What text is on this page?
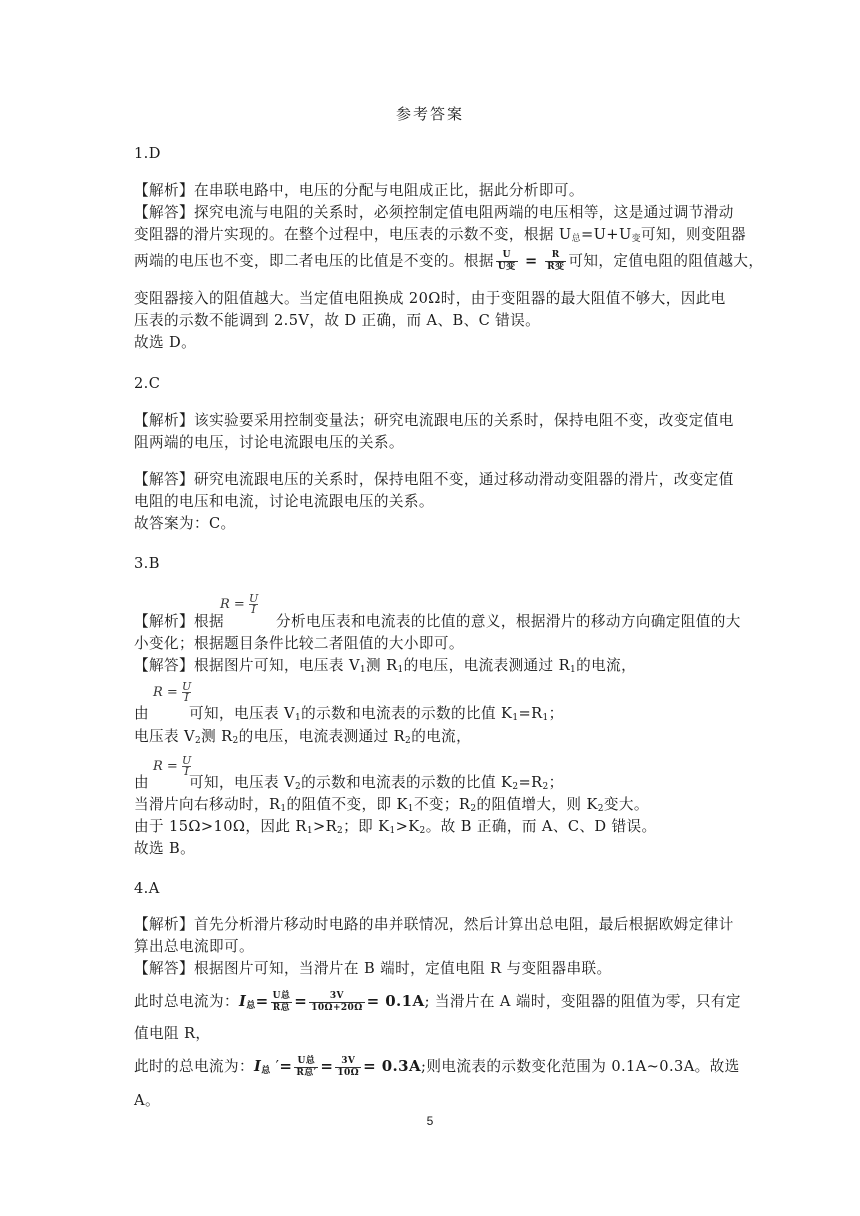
参考答案
1.D
【解析】在串联电路中，电压的分配与电阻成正比，据此分析即可。
【解答】探究电流与电阻的关系时，必须控制定值电阻两端的电压相等，这是通过调节滑动
变阻器的滑片实现的。在整个过程中，电压表的示数不变，根据 $U_总=U+U_变$可知，则变阻器
两端的电压也不变，即二者电压的比值是不变的。根据 $\frac{U}{\text{U变}} = \frac{R}{\text{R变}}$ 可知，定值电阻的阻值越大，
变阻器接入的阻值越大。当定值电阻换成 20Ω时，由于变阻器的最大阻值不够大，因此电
压表的示数不能调到 2.5V，故 D 正确，而 A、B、C 错误。
故选 D。
2.C
【解析】该实验要采用控制变量法；研究电流跟电压的关系时，保持电阻不变，改变定值电
阻两端的电压，讨论电流跟电压的关系。
【解答】研究电流跟电压的关系时，保持电阻不变，通过移动滑动变阻器的滑片，改变定值
电阻的电压和电流，讨论电流跟电压的关系。
故答案为：C。
3.B
$R = \frac{U}{I}$
【解析】根据	分析电压表和电流表的比值的意义，根据滑片的移动方向确定阻值的大
小变化；根据题目条件比较二者阻值的大小即可。
【解答】根据图片可知，电压表 $V_1$测 $R_1$的电压，电流表测通过 $R_1$的电流，
$R = \frac{U}{I}$
由	可知，电压表 $V_1$的示数和电流表的示数的比值 $K_1=R_1$；
电压表 $V_2$测 $R_2$的电压，电流表测通过 $R_2$的电流，
$R = \frac{U}{I}$
由	可知，电压表 $V_2$的示数和电流表的示数的比值 $K_2=R_2$；
当滑片向右移动时，$R_1$的阻值不变，即 $K_1$不变；$R_2$的阻值增大，则 $K_2$变大。
由于 15Ω>10Ω，因此 $R_1>R_2$；即 $K_1>K_2$。故 B 正确，而 A、C、D 错误。
故选 B。
4.A
【解析】首先分析滑片移动时电路的串并联情况，然后计算出总电阻，最后根据欧姆定律计
算出总电流即可。
【解答】根据图片可知，当滑片在 B 端时，定值电阻 R 与变阻器串联。
此时总电流为：$I_总= \frac{\text{U总}}{\text{R总}} = \frac{3V}{10\Omega+20\Omega} = 0.1A$; 当滑片在 A 端时，变阻器的阻值为零，只有定
值电阻 R，
此时的总电流为：$I_总$ ′= $\frac{\text{U总}}{\text{R总′}} = \frac{3V}{10\Omega} = 0.3A$;则电流表的示数变化范围为 0.1A~0.3A。故选
A。
5
